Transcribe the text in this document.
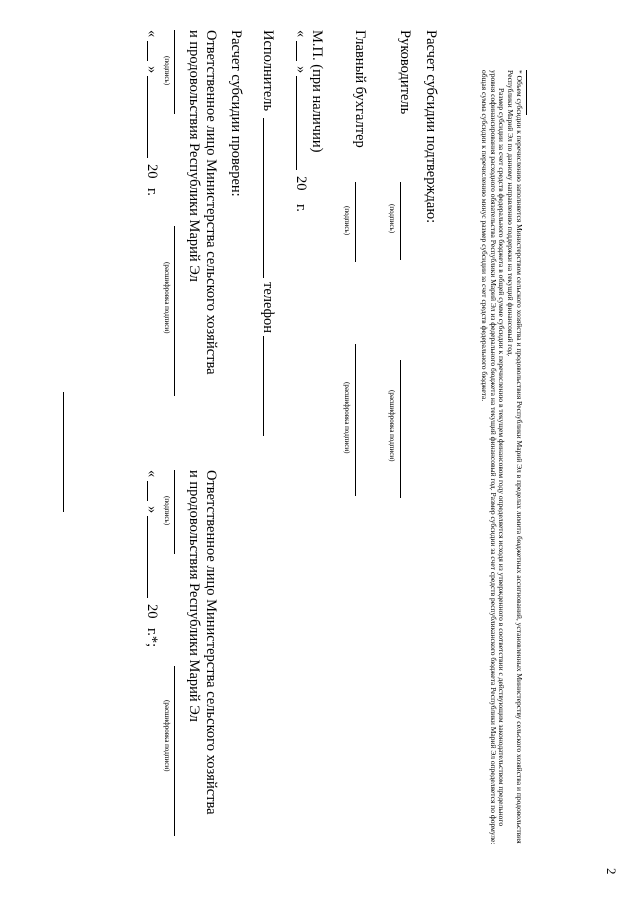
2
* Объем субсидии к перечислению заполняется Министерством сельского хозяйства и продовольствия Республики Марий Эл в пределах лимита бюджетных ассигнований, установленных Министерству сельского хозяйства и продовольствия Республики Марий Эл по данному направлению поддержки на текущий финансовый год.
Размер субсидии за счет средств федерального бюджета в общей сумме субсидии к перечислению в текущем финансовом году определяется исходя из утвержденного в соответствии с действующим законодательством предельного уровня софинансирования расходного обязательства Республики Марий Эл из федерального бюджета на текущий финансовый год. Размер субсидии за счет средств республиканского бюджета Республики Марий Эл определяется по формуле: общая сумма субсидии к перечислению минус размер субсидии за счет средств федерального бюджета.
Расчет субсидии подтверждаю:
Руководитель
(подпись)
(расшифровка подписи)
Главный бухгалтер
(подпись)
(расшифровка подписи)
М.П. (при наличии)
«
»
20
г.
Исполнитель
телефон
Расчет субсидии проверен:
Ответственное лицо Министерства сельского хозяйства
и продовольствия Республики Марий Эл
(подпись)
(расшифровка подписи)
«
»
20
г.
Ответственное лицо Министерства сельского хозяйства
и продовольствия Республики Марий Эл
(подпись)
(расшифровка подписи)
«
»
20
г.*;
